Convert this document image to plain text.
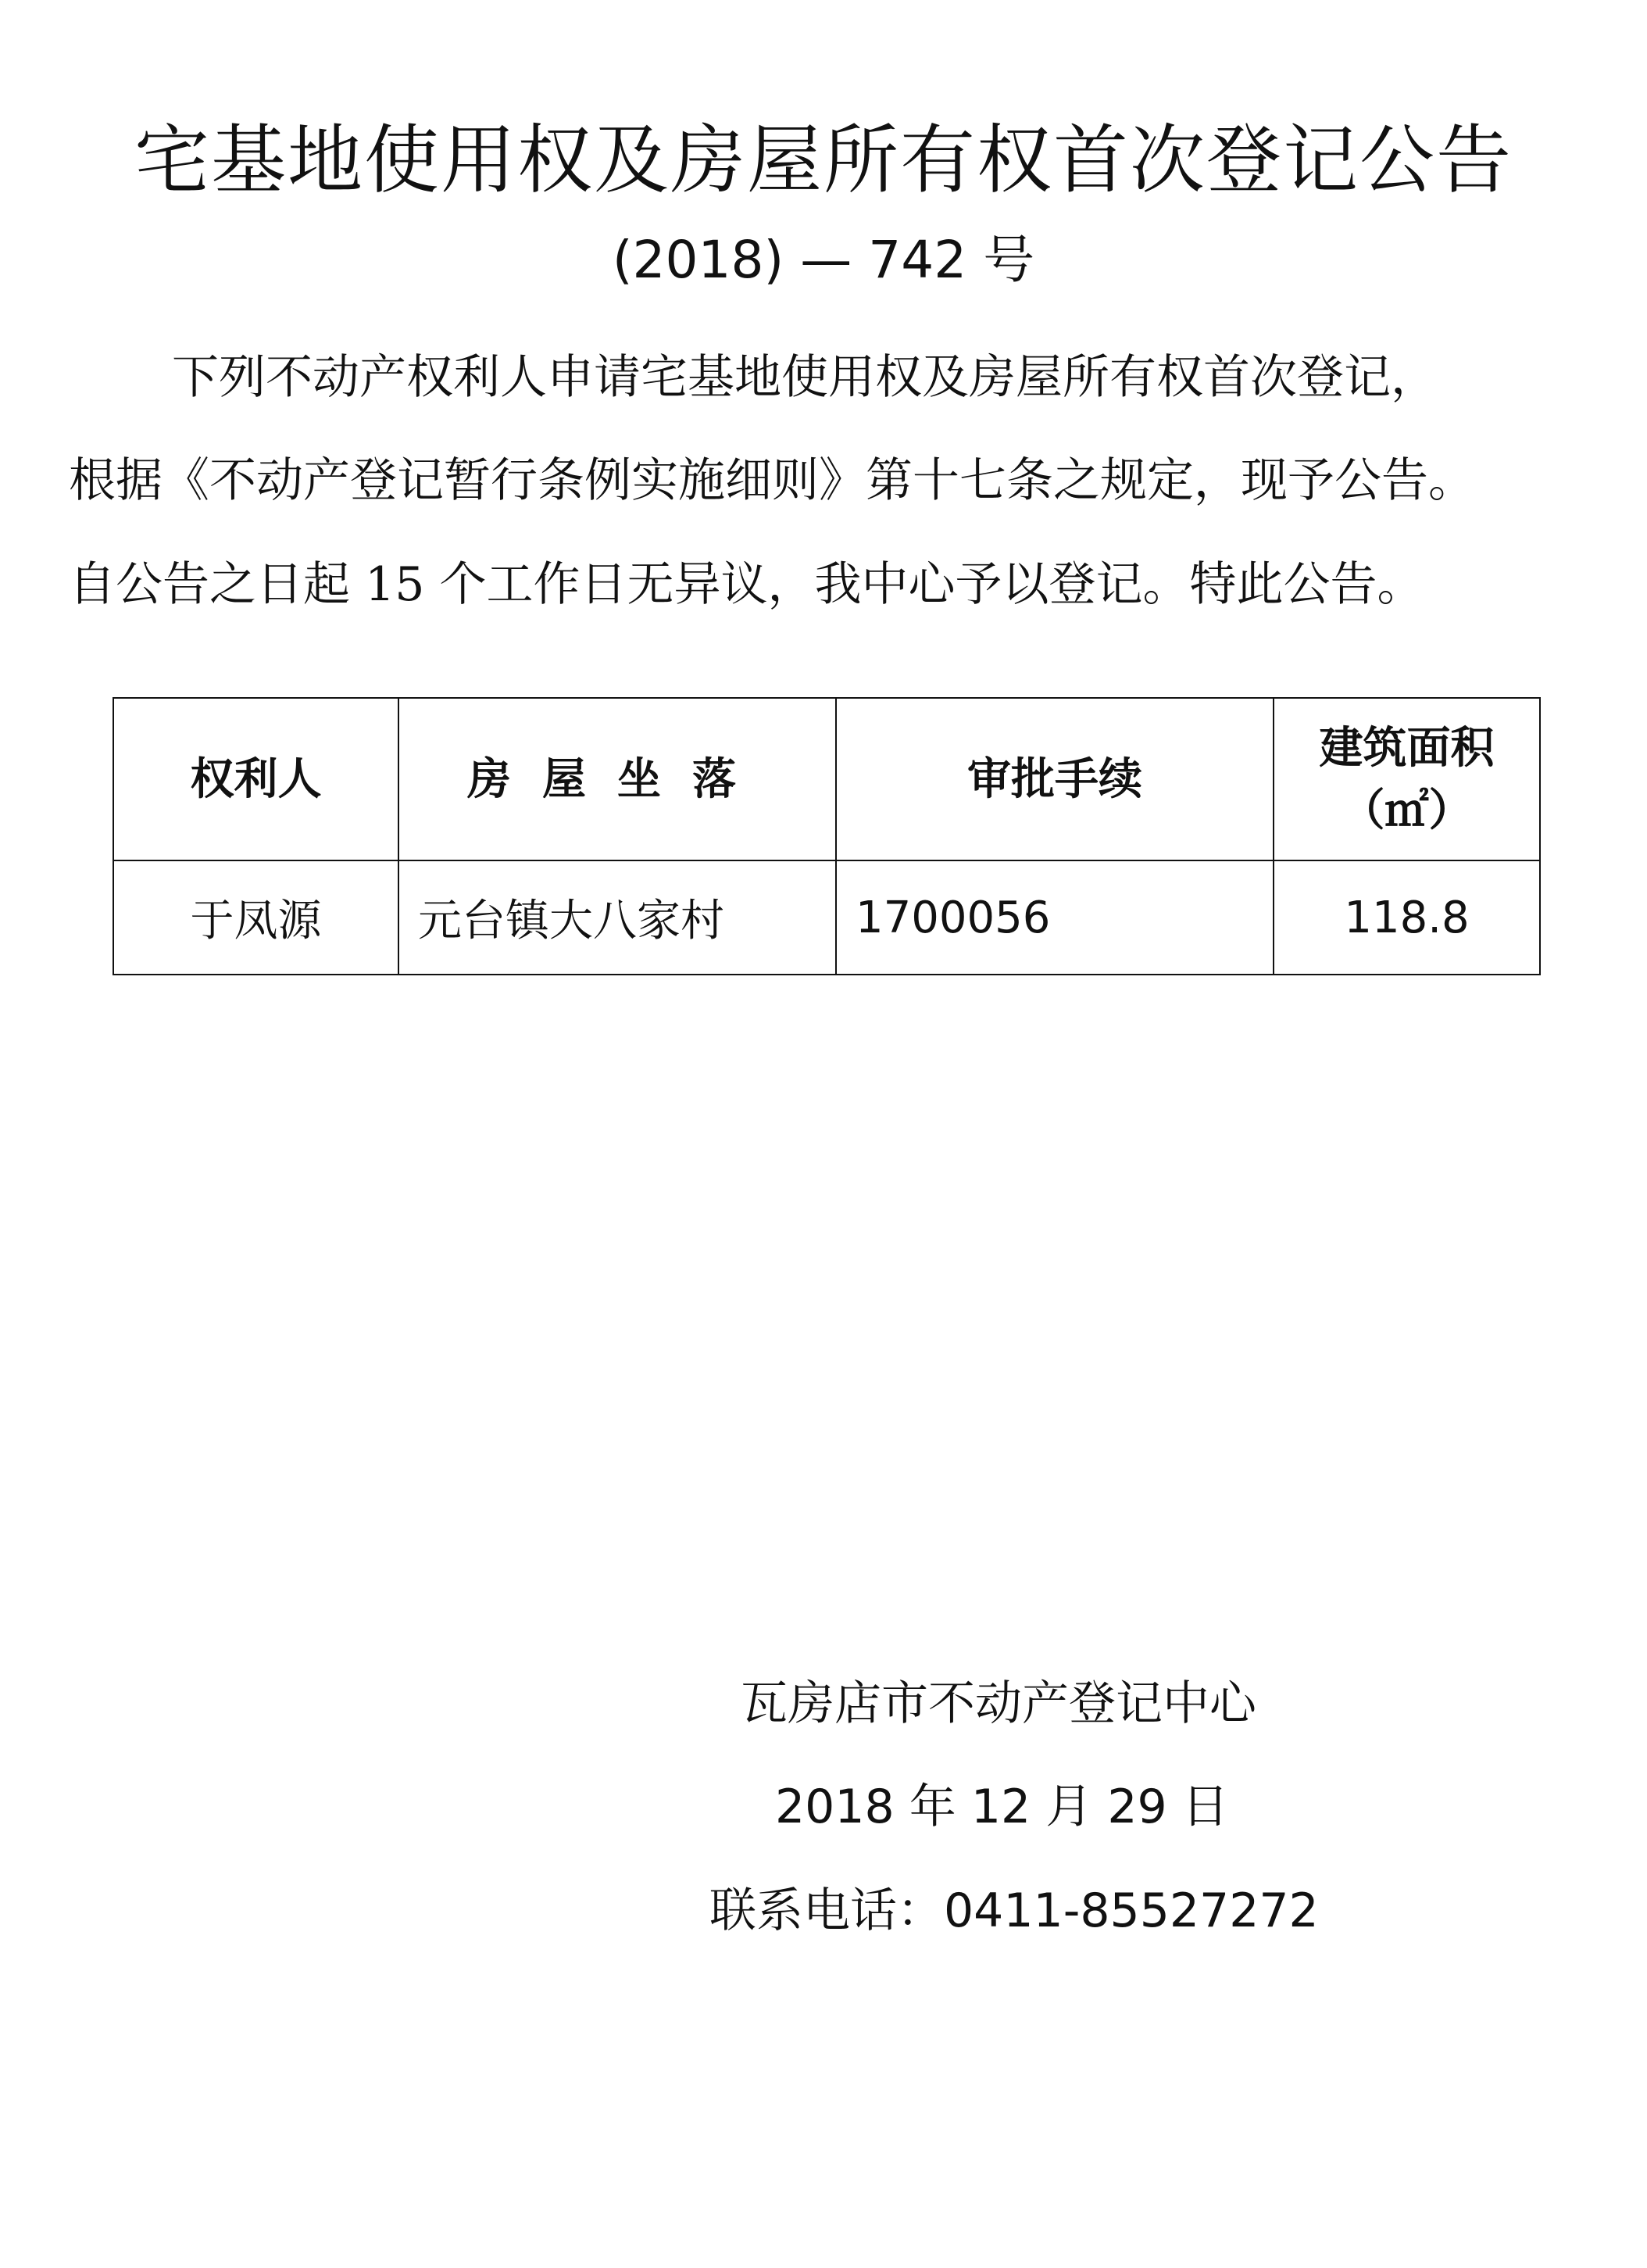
宅基地使用权及房屋所有权首次登记公告
(2018) — 742 号
下列不动产权利人申请宅基地使用权及房屋所有权首次登记，
根据《不动产登记暂行条例实施细则》第十七条之规定，现予公告。
自公告之日起 15 个工作日无异议，我中心予以登记。特此公告。
权利人	房屋坐落	审批手续	建筑面积
（㎡）

于凤源	元台镇大八家村	1700056	118.8
瓦房店市不动产登记中心
2018 年 12 月 29 日
联系电话：0411-85527272
